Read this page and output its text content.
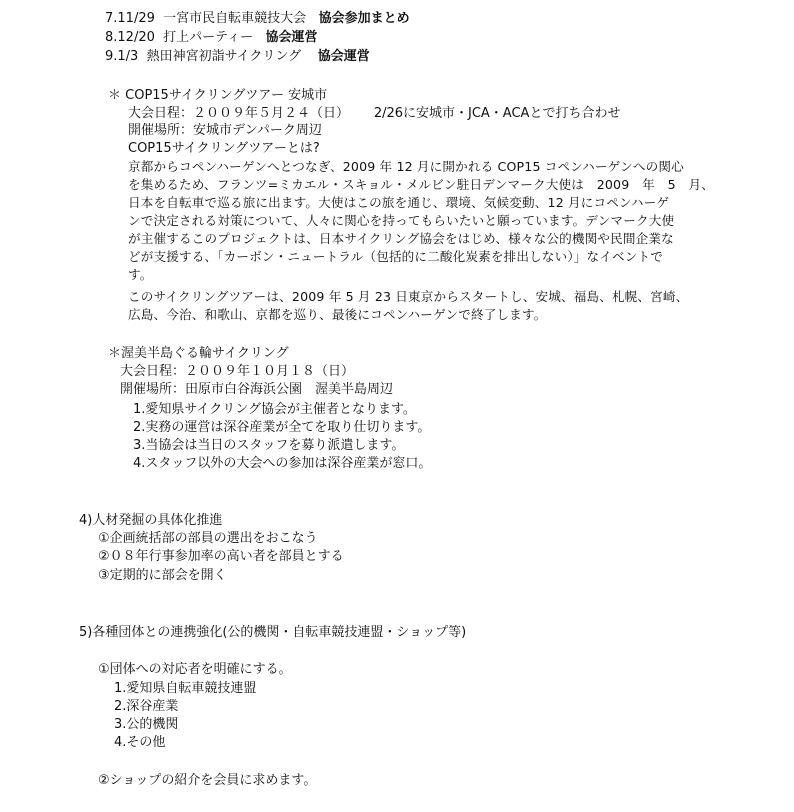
7.11/29 一宮市民自転車競技大会 協会参加まとめ
8.12/20 打上パーティー 協会運営
9.1/3 熱田神宮初詣サイクリング 協会運営
＊ COP15サイクリングツアー 安城市
大会日程：２００９年５月２４（日） 2/26に安城市・JCA・ACAとで打ち合わせ
開催場所：安城市デンパーク周辺
COP15サイクリングツアーとは?
京都からコペンハーゲンへとつなぎ、2009 年 12 月に開かれる COP15 コペンハーゲンへの関心
を集めるため、フランツ=ミカエル・スキョル・メルビン駐日デンマーク大使は　2009　年　5　月、
日本を自転車で巡る旅に出ます。大使はこの旅を通じ、環境、気候変動、12 月にコペンハーゲ
ンで決定される対策について、人々に関心を持ってもらいたいと願っています。デンマーク大使
が主催するこのプロジェクトは、日本サイクリング協会をはじめ、様々な公的機関や民間企業な
どが支援する、「カーボン・ニュートラル（包括的に二酸化炭素を排出しない）」なイベントで
す。
このサイクリングツアーは、2009 年 5 月 23 日東京からスタートし、安城、福島、札幌、宮崎、
広島、今治、和歌山、京都を巡り、最後にコペンハーゲンで終了します。
＊渥美半島ぐる輪サイクリング
大会日程：２００９年１０月１８（日）
開催場所：田原市白谷海浜公園　渥美半島周辺
1.愛知県サイクリング協会が主催者となります。
2.実務の運営は深谷産業が全てを取り仕切ります。
3.当協会は当日のスタッフを募り派遣します。
4.スタッフ以外の大会への参加は深谷産業が窓口。
4)人材発掘の具体化推進
①企画統括部の部員の選出をおこなう
②０８年行事参加率の高い者を部員とする
③定期的に部会を開く
5)各種団体との連携強化(公的機関・自転車競技連盟・ショップ等)
①団体への対応者を明確にする。
1.愛知県自転車競技連盟
2.深谷産業
3.公的機関
4.その他
②ショップの紹介を会員に求めます。
